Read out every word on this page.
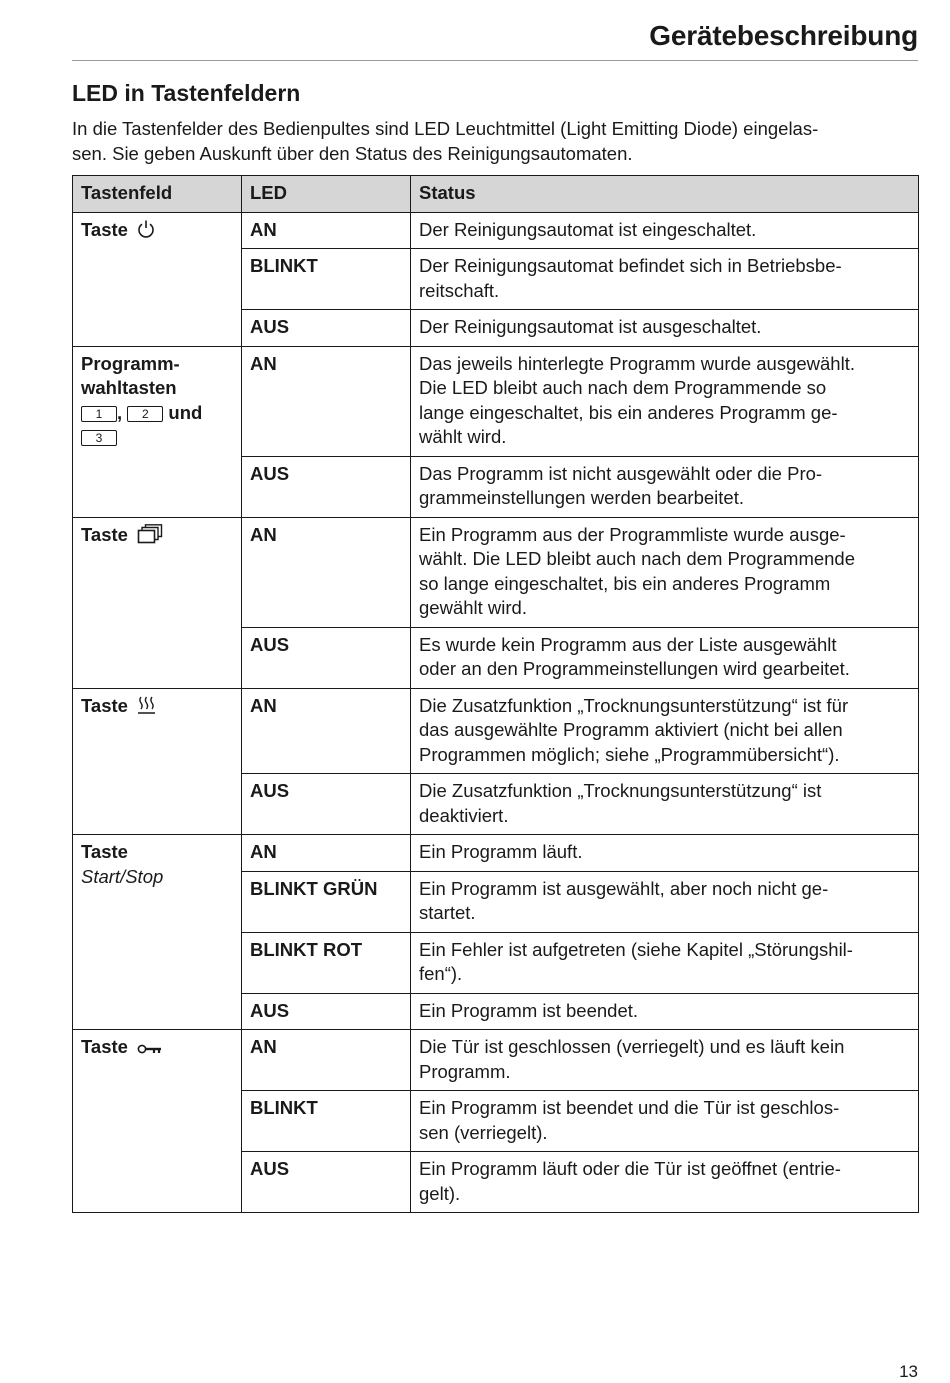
Gerätebeschreibung
LED in Tastenfeldern
In die Tastenfelder des Bedienpultes sind LED Leuchtmittel (Light Emitting Diode) eingelas-
sen. Sie geben Auskunft über den Status des Reinigungsautomaten.
Tastenfeld	LED	Status
Taste	AN	Der Reinigungsautomat ist eingeschaltet.
	BLINKT	Der Reinigungsautomat befindet sich in Betriebsbe-
reitschaft.
	AUS	Der Reinigungsautomat ist ausgeschaltet.
Programm-
wahltasten
1 , 2 und
3	AN	Das jeweils hinterlegte Programm wurde ausgewählt.
Die LED bleibt auch nach dem Programmende so
lange eingeschaltet, bis ein anderes Programm ge-
wählt wird.
	AUS	Das Programm ist nicht ausgewählt oder die Pro-
grammeinstellungen werden bearbeitet.
Taste	AN	Ein Programm aus der Programmliste wurde ausge-
wählt. Die LED bleibt auch nach dem Programmende
so lange eingeschaltet, bis ein anderes Programm
gewählt wird.
	AUS	Es wurde kein Programm aus der Liste ausgewählt
oder an den Programmeinstellungen wird gearbeitet.
Taste	AN	Die Zusatzfunktion „Trocknungsunterstützung“ ist für
das ausgewählte Programm aktiviert (nicht bei allen
Programmen möglich; siehe „Programmübersicht“).
	AUS	Die Zusatzfunktion „Trocknungsunterstützung“ ist
deaktiviert.
Taste
Start/Stop	AN	Ein Programm läuft.
	BLINKT GRÜN	Ein Programm ist ausgewählt, aber noch nicht ge-
startet.
	BLINKT ROT	Ein Fehler ist aufgetreten (siehe Kapitel „Störungshil-
fen“).
	AUS	Ein Programm ist beendet.
Taste	AN	Die Tür ist geschlossen (verriegelt) und es läuft kein
Programm.
	BLINKT	Ein Programm ist beendet und die Tür ist geschlos-
sen (verriegelt).
	AUS	Ein Programm läuft oder die Tür ist geöffnet (entrie-
gelt).
13
